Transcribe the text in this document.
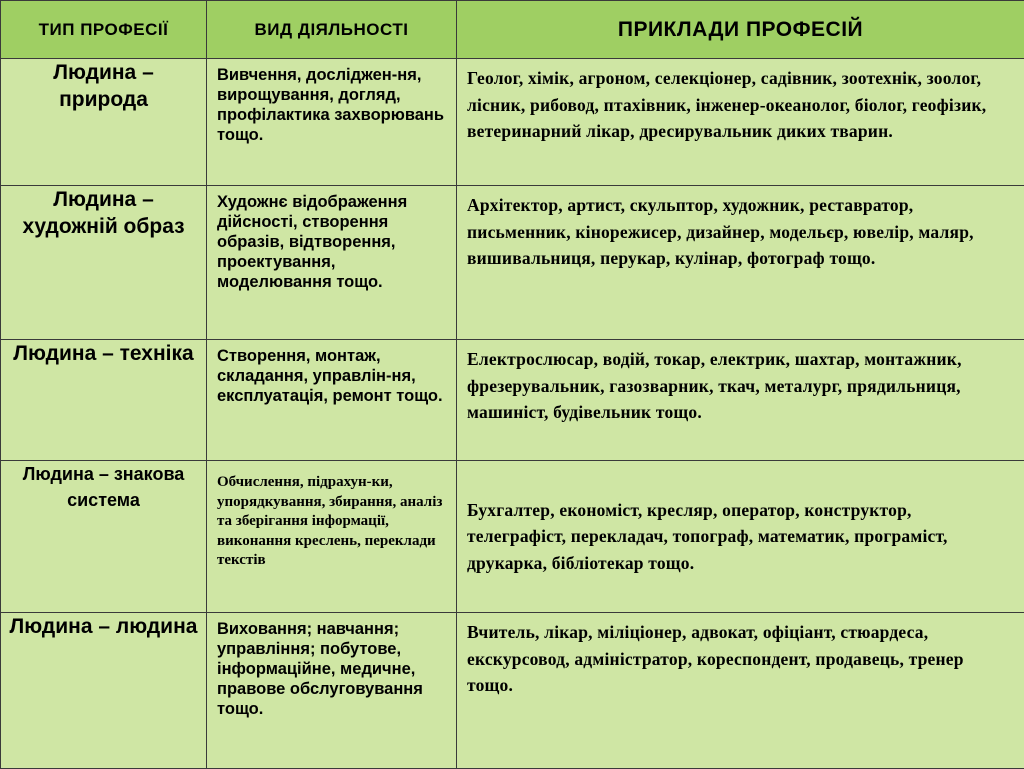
ТИП ПРОФЕСІЇ	ВИД ДІЯЛЬНОСТІ	ПРИКЛАДИ ПРОФЕСІЙ
Людина – природа	Вивчення, досліджен-ня, вирощування, догляд, профілактика захворювань тощо.	Геолог, хімік, агроном, селекціонер, садівник, зоотехнік, зоолог, лісник, рибовод, птахівник, інженер-океанолог, біолог, геофізик, ветеринарний лікар, дресирувальник диких тварин.
Людина – художній образ	Художнє відображення дійсності, створення образів, відтворення, проектування, моделювання тощо.	Архітектор, артист, скульптор, художник, реставратор, письменник, кінорежисер, дизайнер, модельєр, ювелір, маляр, вишивальниця, перукар, кулінар, фотограф тощо.
Людина – техніка	Створення, монтаж, складання, управлін-ня, експлуатація, ремонт тощо.	Електрослюсар, водій, токар, електрик, шахтар, монтажник, фрезерувальник, газозварник, ткач, металург, прядильниця, машиніст, будівельник тощо.
Людина – знакова система	Обчислення, підрахун-ки, упорядкування, збирання, аналіз та зберігання інформації, виконання креслень, переклади текстів	Бухгалтер, економіст, кресляр, оператор, конструктор, телеграфіст, перекладач, топограф, математик, програміст, друкарка, бібліотекар тощо.
Людина – людина	Виховання; навчання; управління; побутове, інформаційне, медичне, правове обслуговування тощо.	Вчитель, лікар, міліціонер, адвокат, офіціант, стюардеса, екскурсовод, адміністратор, кореспондент, продавець, тренер тощо.
